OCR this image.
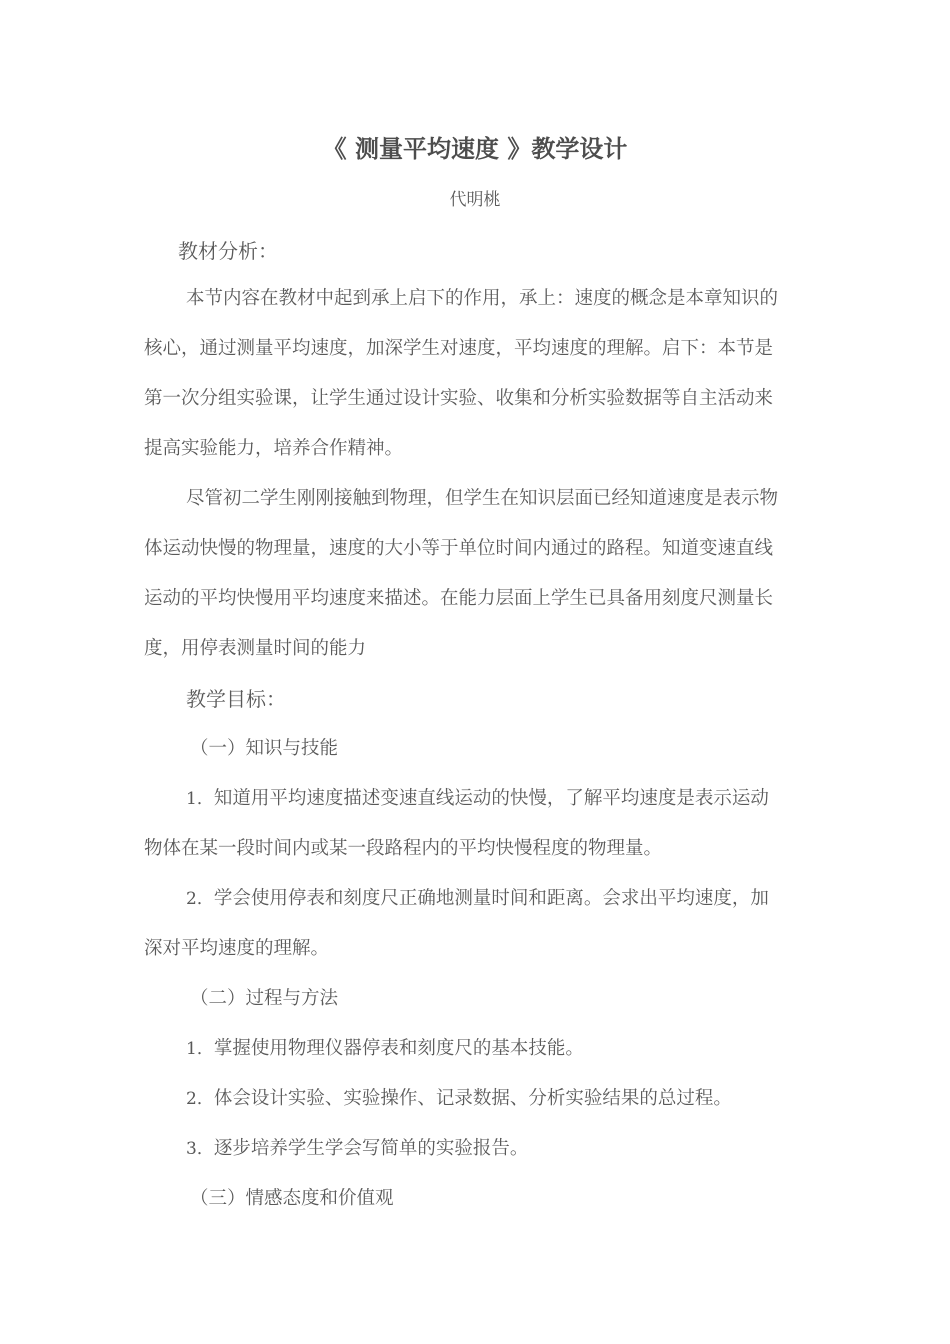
《 测量平均速度 》教学设计
代明桃
教材分析：
本节内容在教材中起到承上启下的作用，承上：速度的概念是本章知识的
核心，通过测量平均速度，加深学生对速度，平均速度的理解。启下：本节是
第一次分组实验课，让学生通过设计实验、收集和分析实验数据等自主活动来
提高实验能力，培养合作精神。
尽管初二学生刚刚接触到物理，但学生在知识层面已经知道速度是表示物
体运动快慢的物理量，速度的大小等于单位时间内通过的路程。知道变速直线
运动的平均快慢用平均速度来描述。在能力层面上学生已具备用刻度尺测量长
度，用停表测量时间的能力
教学目标：
（一）知识与技能
1．知道用平均速度描述变速直线运动的快慢，了解平均速度是表示运动
物体在某一段时间内或某一段路程内的平均快慢程度的物理量。
2．学会使用停表和刻度尺正确地测量时间和距离。会求出平均速度，加
深对平均速度的理解。
（二）过程与方法
1．掌握使用物理仪器停表和刻度尺的基本技能。
2．体会设计实验、实验操作、记录数据、分析实验结果的总过程。
3．逐步培养学生学会写简单的实验报告。
（三）情感态度和价值观
